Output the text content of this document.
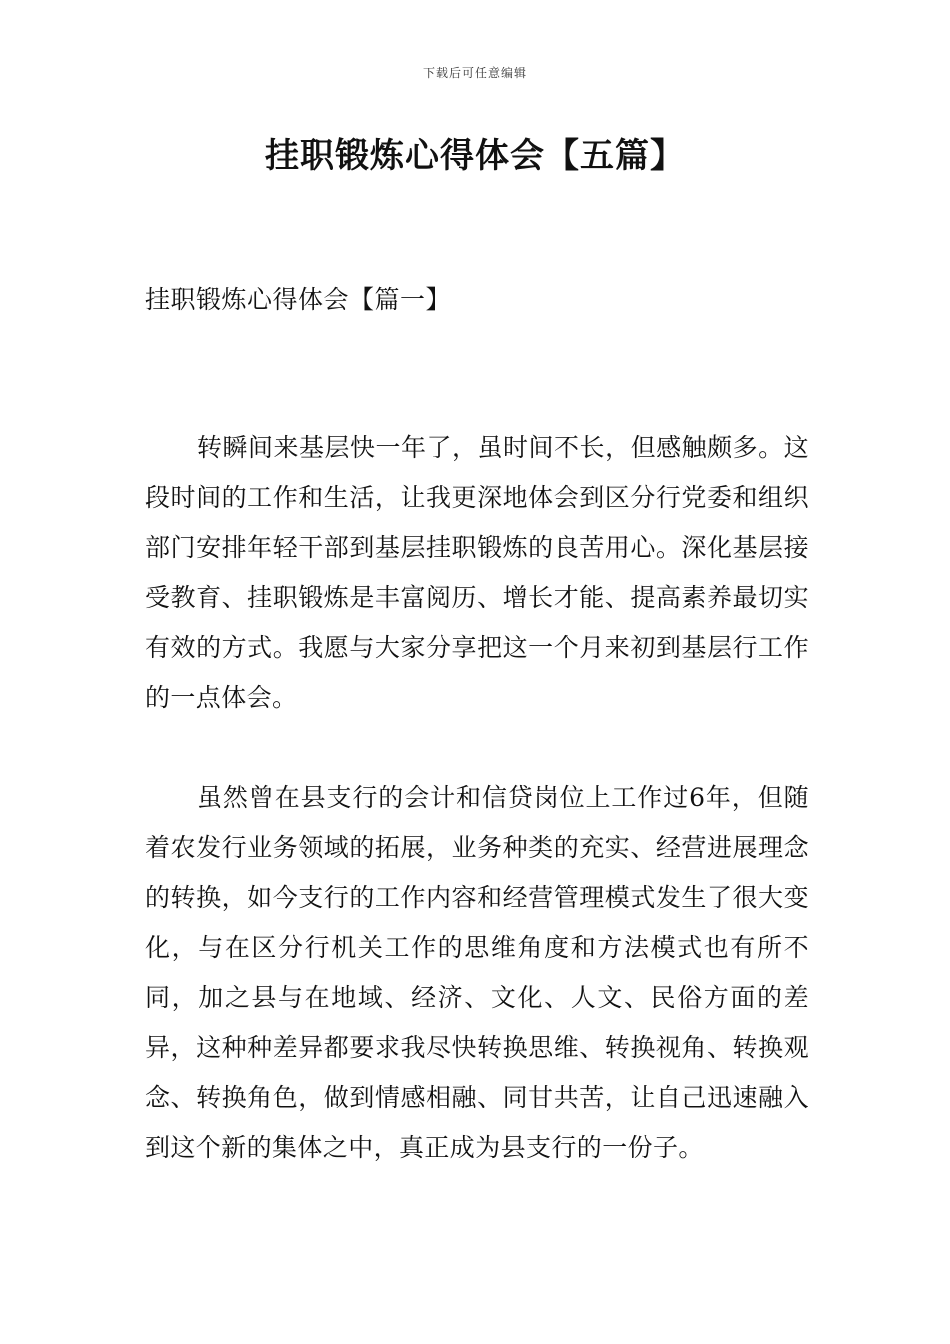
下载后可任意编辑
挂职锻炼心得体会【五篇】
挂职锻炼心得体会【篇一】

转瞬间来基层快一年了，虽时间不长，但感触颇多。这段时间的工作和生活，让我更深地体会到区分行党委和组织部门安排年轻干部到基层挂职锻炼的良苦用心。深化基层接受教育、挂职锻炼是丰富阅历、增长才能、提高素养最切实有效的方式。我愿与大家分享把这一个月来初到基层行工作的一点体会。

虽然曾在县支行的会计和信贷岗位上工作过6年，但随着农发行业务领域的拓展，业务种类的充实、经营进展理念的转换，如今支行的工作内容和经营管理模式发生了很大变化，与在区分行机关工作的思维角度和方法模式也有所不同，加之县与在地域、经济、文化、人文、民俗方面的差异，这种种差异都要求我尽快转换思维、转换视角、转换观念、转换角色，做到情感相融、同甘共苦，让自己迅速融入到这个新的集体之中，真正成为县支行的一份子。
